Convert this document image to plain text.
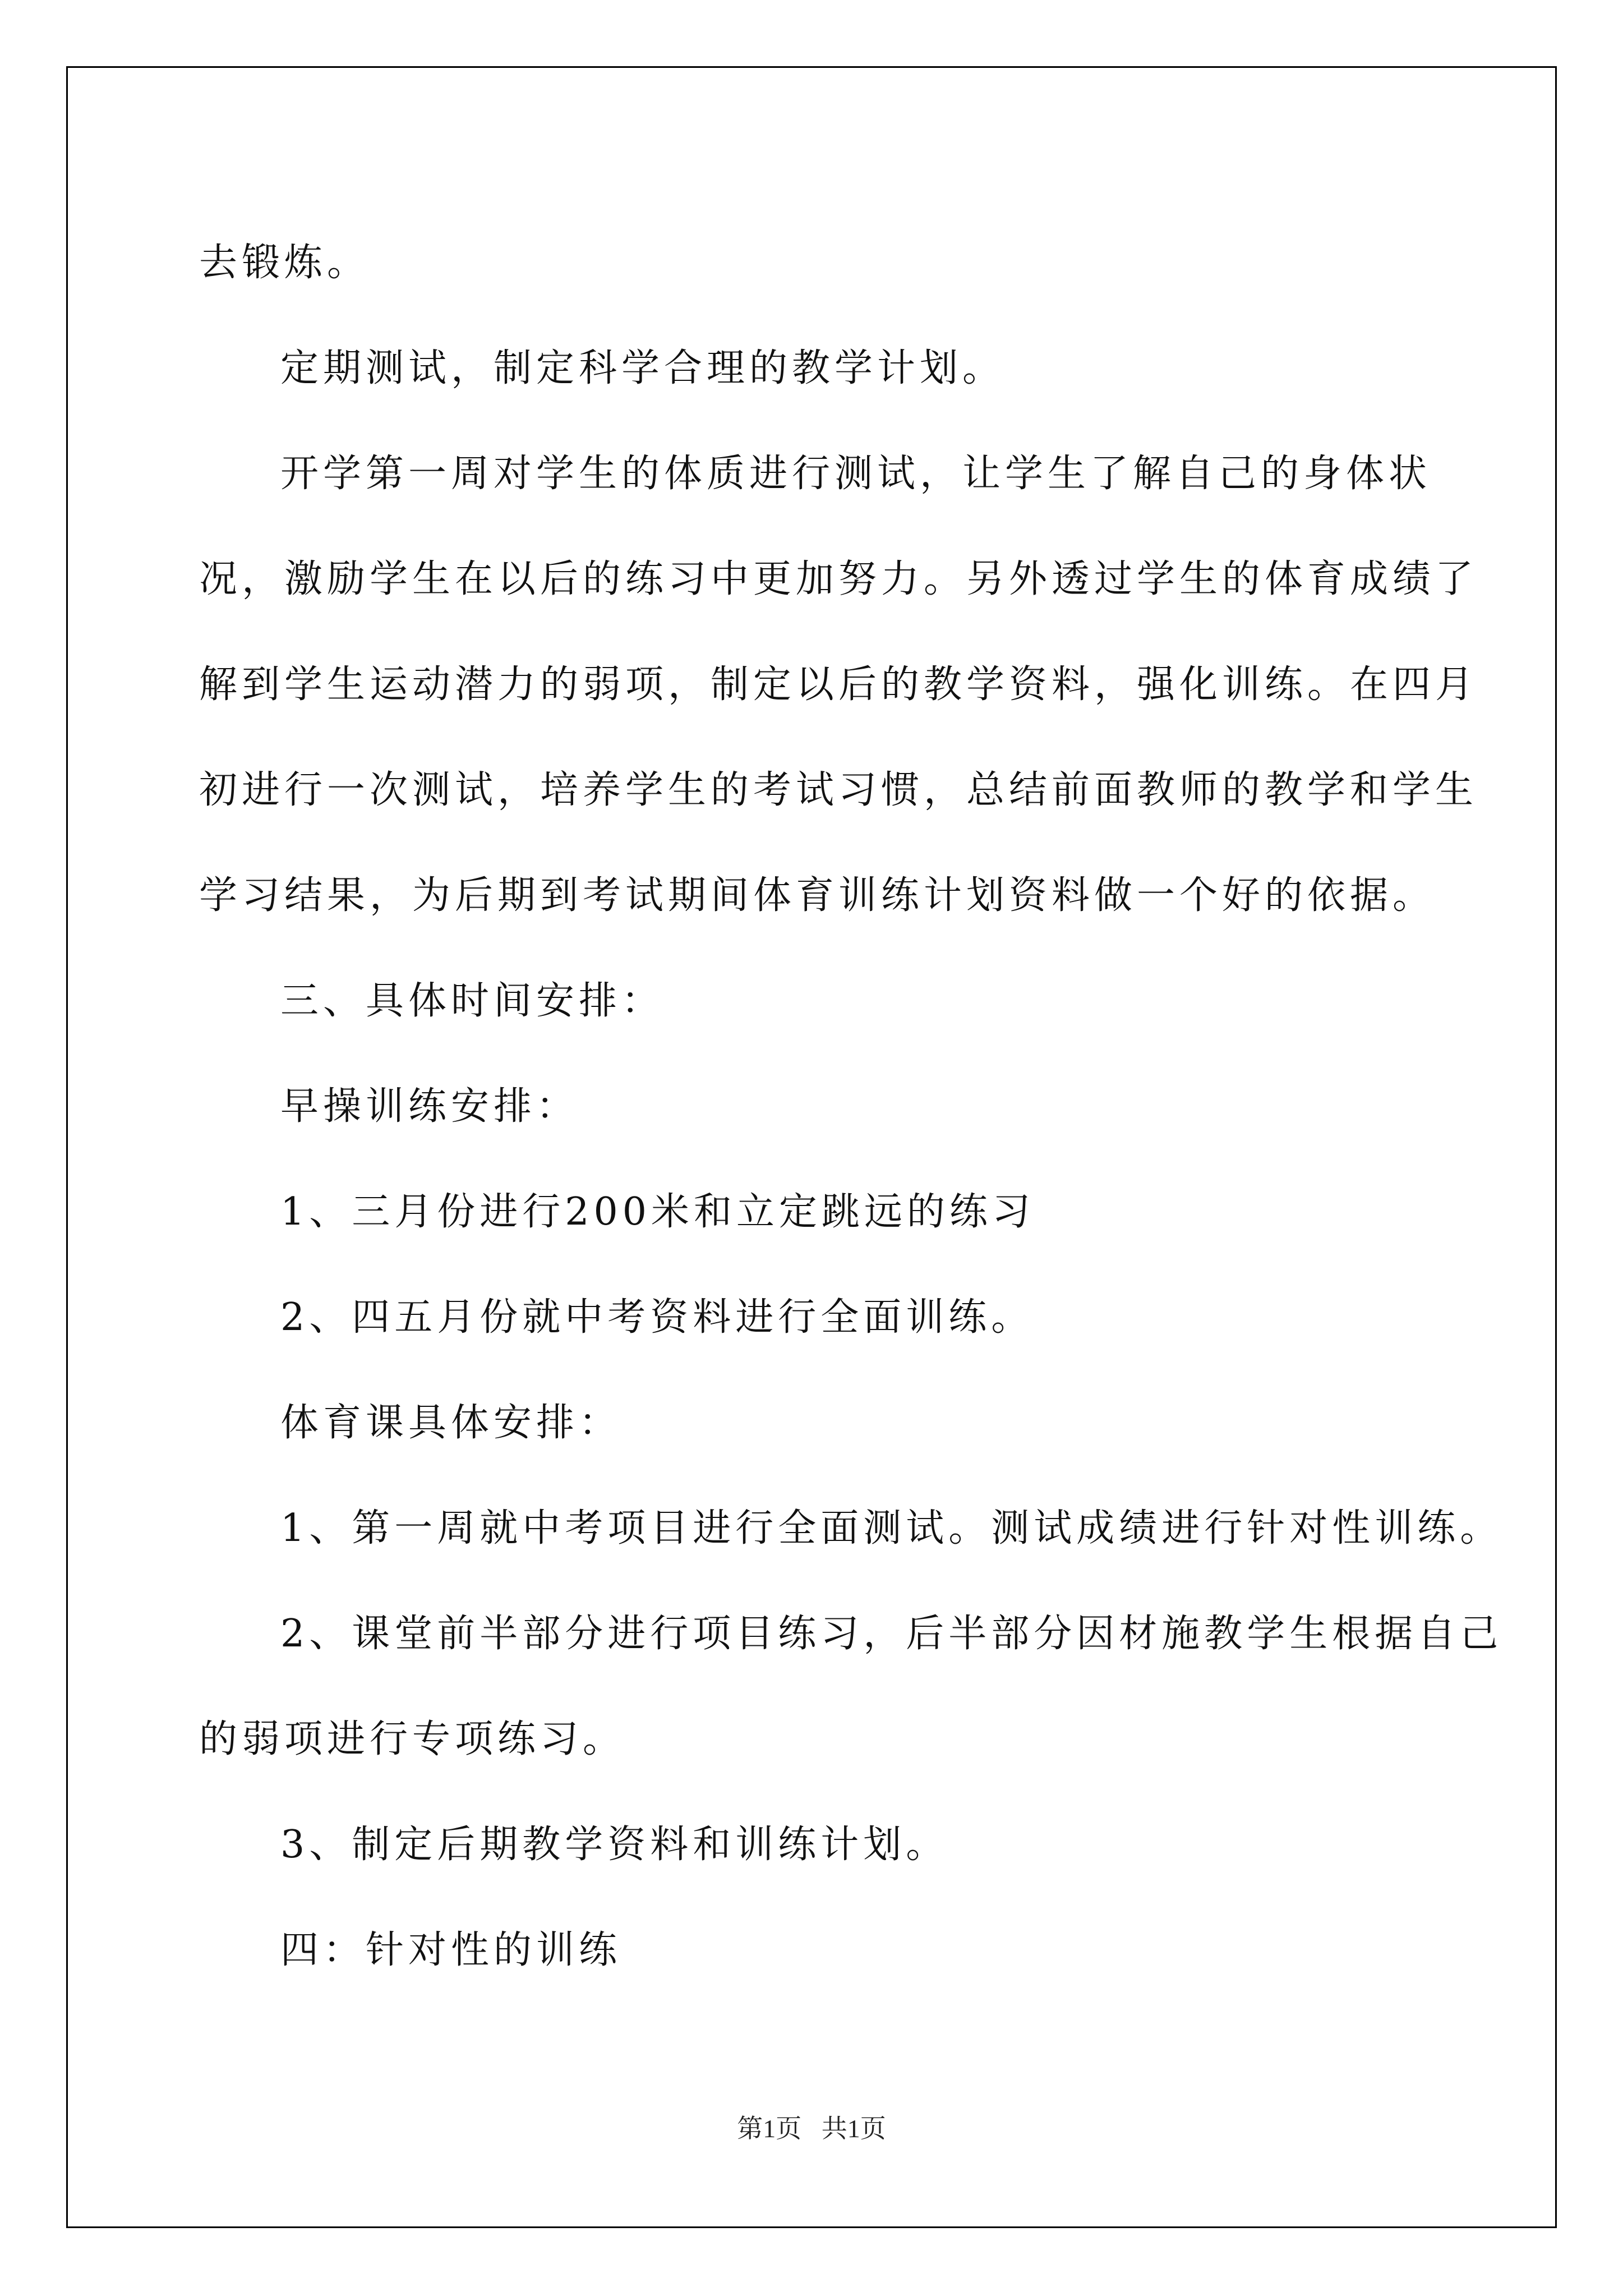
去锻炼。

定期测试，制定科学合理的教学计划。

开学第一周对学生的体质进行测试，让学生了解自己的身体状况，激励学生在以后的练习中更加努力。另外透过学生的体育成绩了解到学生运动潜力的弱项，制定以后的教学资料，强化训练。在四月初进行一次测试，培养学生的考试习惯，总结前面教师的教学和学生学习结果，为后期到考试期间体育训练计划资料做一个好的依据。

三、具体时间安排：

早操训练安排：

1、三月份进行200米和立定跳远的练习

2、四五月份就中考资料进行全面训练。

体育课具体安排：

1、第一周就中考项目进行全面测试。测试成绩进行针对性训练。

2、课堂前半部分进行项目练习，后半部分因材施教学生根据自己的弱项进行专项练习。

3、制定后期教学资料和训练计划。

四：针对性的训练

第1页 共1页
